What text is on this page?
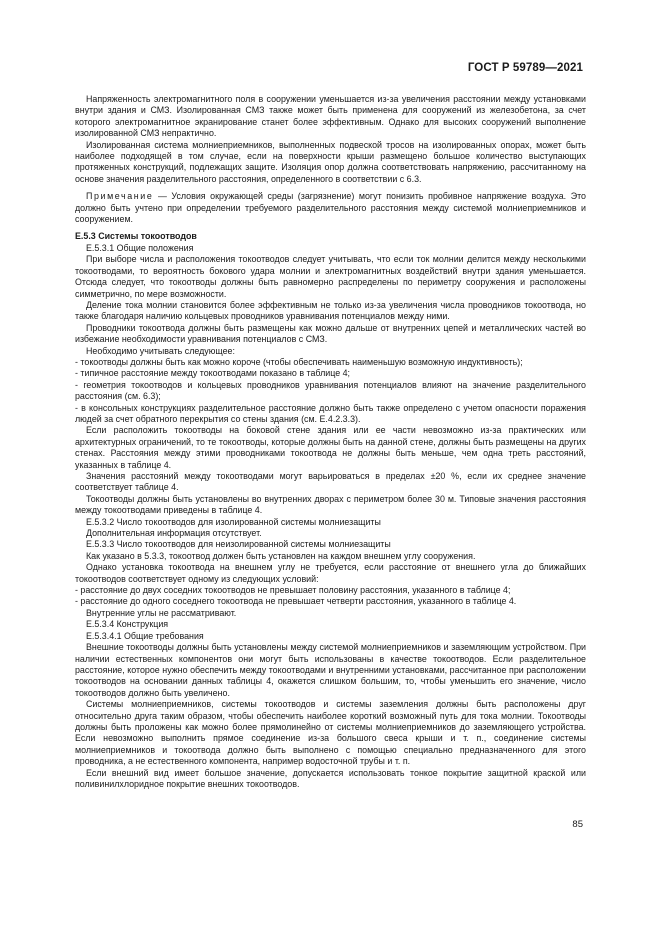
ГОСТ Р 59789—2021

Напряженность электромагнитного поля в сооружении уменьшается из-за увеличения расстоянии между установками внутри здания и СМЗ. Изолированная СМЗ также может быть применена для сооружений из железобетона, за счет которого электромагнитное экранирование станет более эффективным. Однако для высоких сооружений выполнение изолированной СМЗ непрактично.

Изолированная система молниеприемников, выполненных подвеской тросов на изолированных опорах, может быть наиболее подходящей в том случае, если на поверхности крыши размещено большое количество выступающих протяженных конструкций, подлежащих защите. Изоляция опор должна соответствовать напряжению, рассчитанному на основе значения разделительного расстояния, определенного в соответствии с 6.3.

Примечание — Условия окружающей среды (загрязнение) могут понизить пробивное напряжение воздуха. Это должно быть учтено при определении требуемого разделительного расстояния между системой молниеприемников и сооружением.

Е.5.3 Системы токоотводов

Е.5.3.1 Общие положения

При выборе числа и расположения токоотводов следует учитывать, что если ток молнии делится между несколькими токоотводами, то вероятность бокового удара молнии и электромагнитных воздействий внутри здания уменьшается. Отсюда следует, что токоотводы должны быть равномерно распределены по периметру сооружения и расположены симметрично, по мере возможности.

Деление тока молнии становится более эффективным не только из-за увеличения числа проводников токоотвода, но также благодаря наличию кольцевых проводников уравнивания потенциалов между ними.

Проводники токоотвода должны быть размещены как можно дальше от внутренних цепей и металлических частей во избежание необходимости уравнивания потенциалов с СМЗ.

Необходимо учитывать следующее:

- токоотводы должны быть как можно короче (чтобы обеспечивать наименьшую возможную индуктивность);

- типичное расстояние между токоотводами показано в таблице 4;

- геометрия токоотводов и кольцевых проводников уравнивания потенциалов влияют на значение разделительного расстояния (см. 6.3);

- в консольных конструкциях разделительное расстояние должно быть также определено с учетом опасности поражения людей за счет обратного перекрытия со стены здания (см. Е.4.2.3.3).

Если расположить токоотводы на боковой стене здания или ее части невозможно из-за практических или архитектурных ограничений, то те токоотводы, которые должны быть на данной стене, должны быть размещены на других стенах. Расстояния между этими проводниками токоотвода не должны быть меньше, чем одна треть расстояний, указанных в таблице 4.

Значения расстояний между токоотводами могут варьироваться в пределах ±20 %, если их среднее значение соответствует таблице 4.

Токоотводы должны быть установлены во внутренних дворах с периметром более 30 м. Типовые значения расстояния между токоотводами приведены в таблице 4.

Е.5.3.2 Число токоотводов для изолированной системы молниезащиты

Дополнительная информация отсутствует.

Е.5.3.3 Число токоотводов для неизолированной системы молниезащиты

Как указано в 5.3.3, токоотвод должен быть установлен на каждом внешнем углу сооружения.

Однако установка токоотвода на внешнем углу не требуется, если расстояние от внешнего угла до ближайших токоотводов соответствует одному из следующих условий:

- расстояние до двух соседних токоотводов не превышает половину расстояния, указанного в таблице 4;

- расстояние до одного соседнего токоотвода не превышает четверти расстояния, указанного в таблице 4.

Внутренние углы не рассматривают.

Е.5.3.4 Конструкция

Е.5.3.4.1 Общие требования

Внешние токоотводы должны быть установлены между системой молниеприемников и заземляющим устройством. При наличии естественных компонентов они могут быть использованы в качестве токоотводов. Если разделительное расстояние, которое нужно обеспечить между токоотводами и внутренними установками, рассчитанное при расположении токоотводов на основании данных таблицы 4, окажется слишком большим, то, чтобы уменьшить его значение, число токоотводов должно быть увеличено.

Системы молниеприемников, системы токоотводов и системы заземления должны быть расположены друг относительно друга таким образом, чтобы обеспечить наиболее короткий возможный путь для тока молнии. Токоотводы должны быть проложены как можно более прямолинейно от системы молниеприемников до заземляющего устройства. Если невозможно выполнить прямое соединение из-за большого свеса крыши и т. п., соединение системы молниеприемников и токоотвода должно быть выполнено с помощью специально предназначенного для этого проводника, а не естественного компонента, например водосточной трубы и т. п.

Если внешний вид имеет большое значение, допускается использовать тонкое покрытие защитной краской или поливинилхлоридное покрытие внешних токоотводов.

85
